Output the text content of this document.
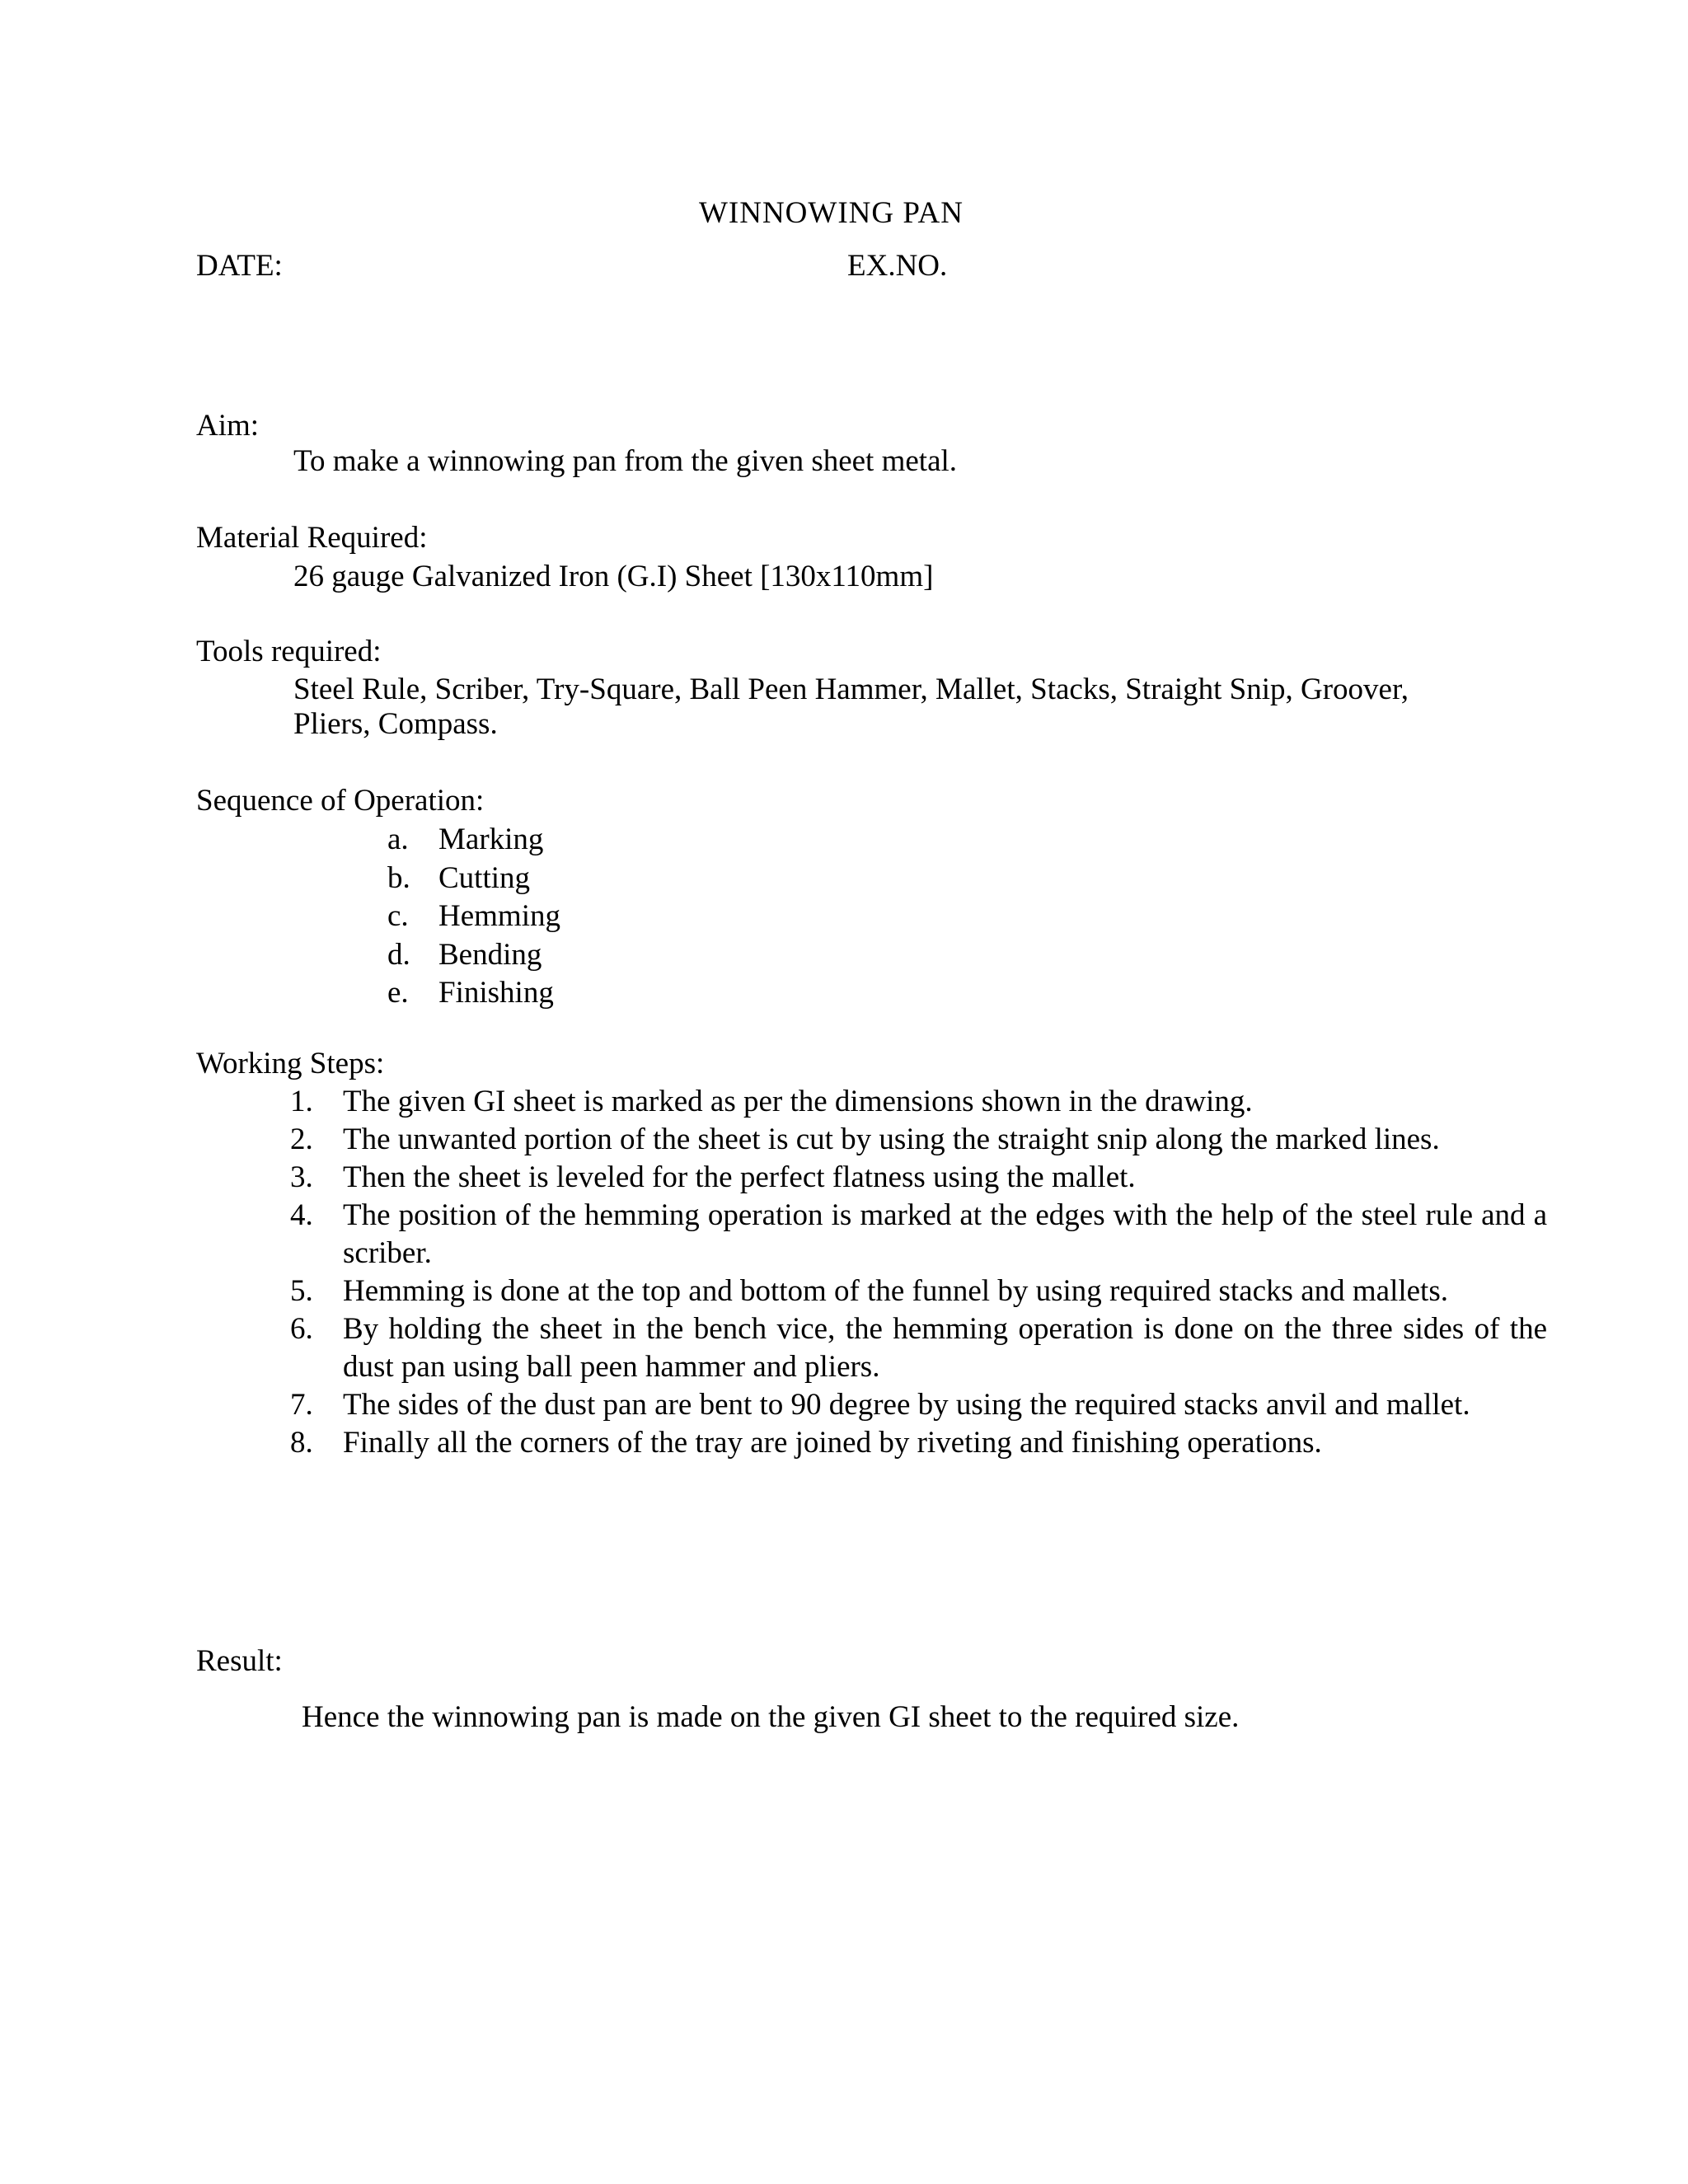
WINNOWING PAN
DATE:	EX.NO.
Aim:
To make a winnowing pan from the given sheet metal.
Material Required:
26 gauge Galvanized Iron (G.I) Sheet [130x110mm]
Tools required:
Steel Rule, Scriber, Try-Square, Ball Peen Hammer, Mallet, Stacks, Straight Snip, Groover,
Pliers, Compass.
Sequence of Operation:
a. Marking
b. Cutting
c. Hemming
d. Bending
e. Finishing
Working Steps:
1. The given GI sheet is marked as per the dimensions shown in the drawing.
2. The unwanted portion of the sheet is cut by using the straight snip along the marked lines.
3. Then the sheet is leveled for the perfect flatness using the mallet.
4. The position of the hemming operation is marked at the edges with the help of the steel rule and a scriber.
5. Hemming is done at the top and bottom of the funnel by using required stacks and mallets.
6. By holding the sheet in the bench vice, the hemming operation is done on the three sides of the dust pan using ball peen hammer and pliers.
7. The sides of the dust pan are bent to 90 degree by using the required stacks anvil and mallet.
8. Finally all the corners of the tray are joined by riveting and finishing operations.
Result:
Hence the winnowing pan is made on the given GI sheet to the required size.
